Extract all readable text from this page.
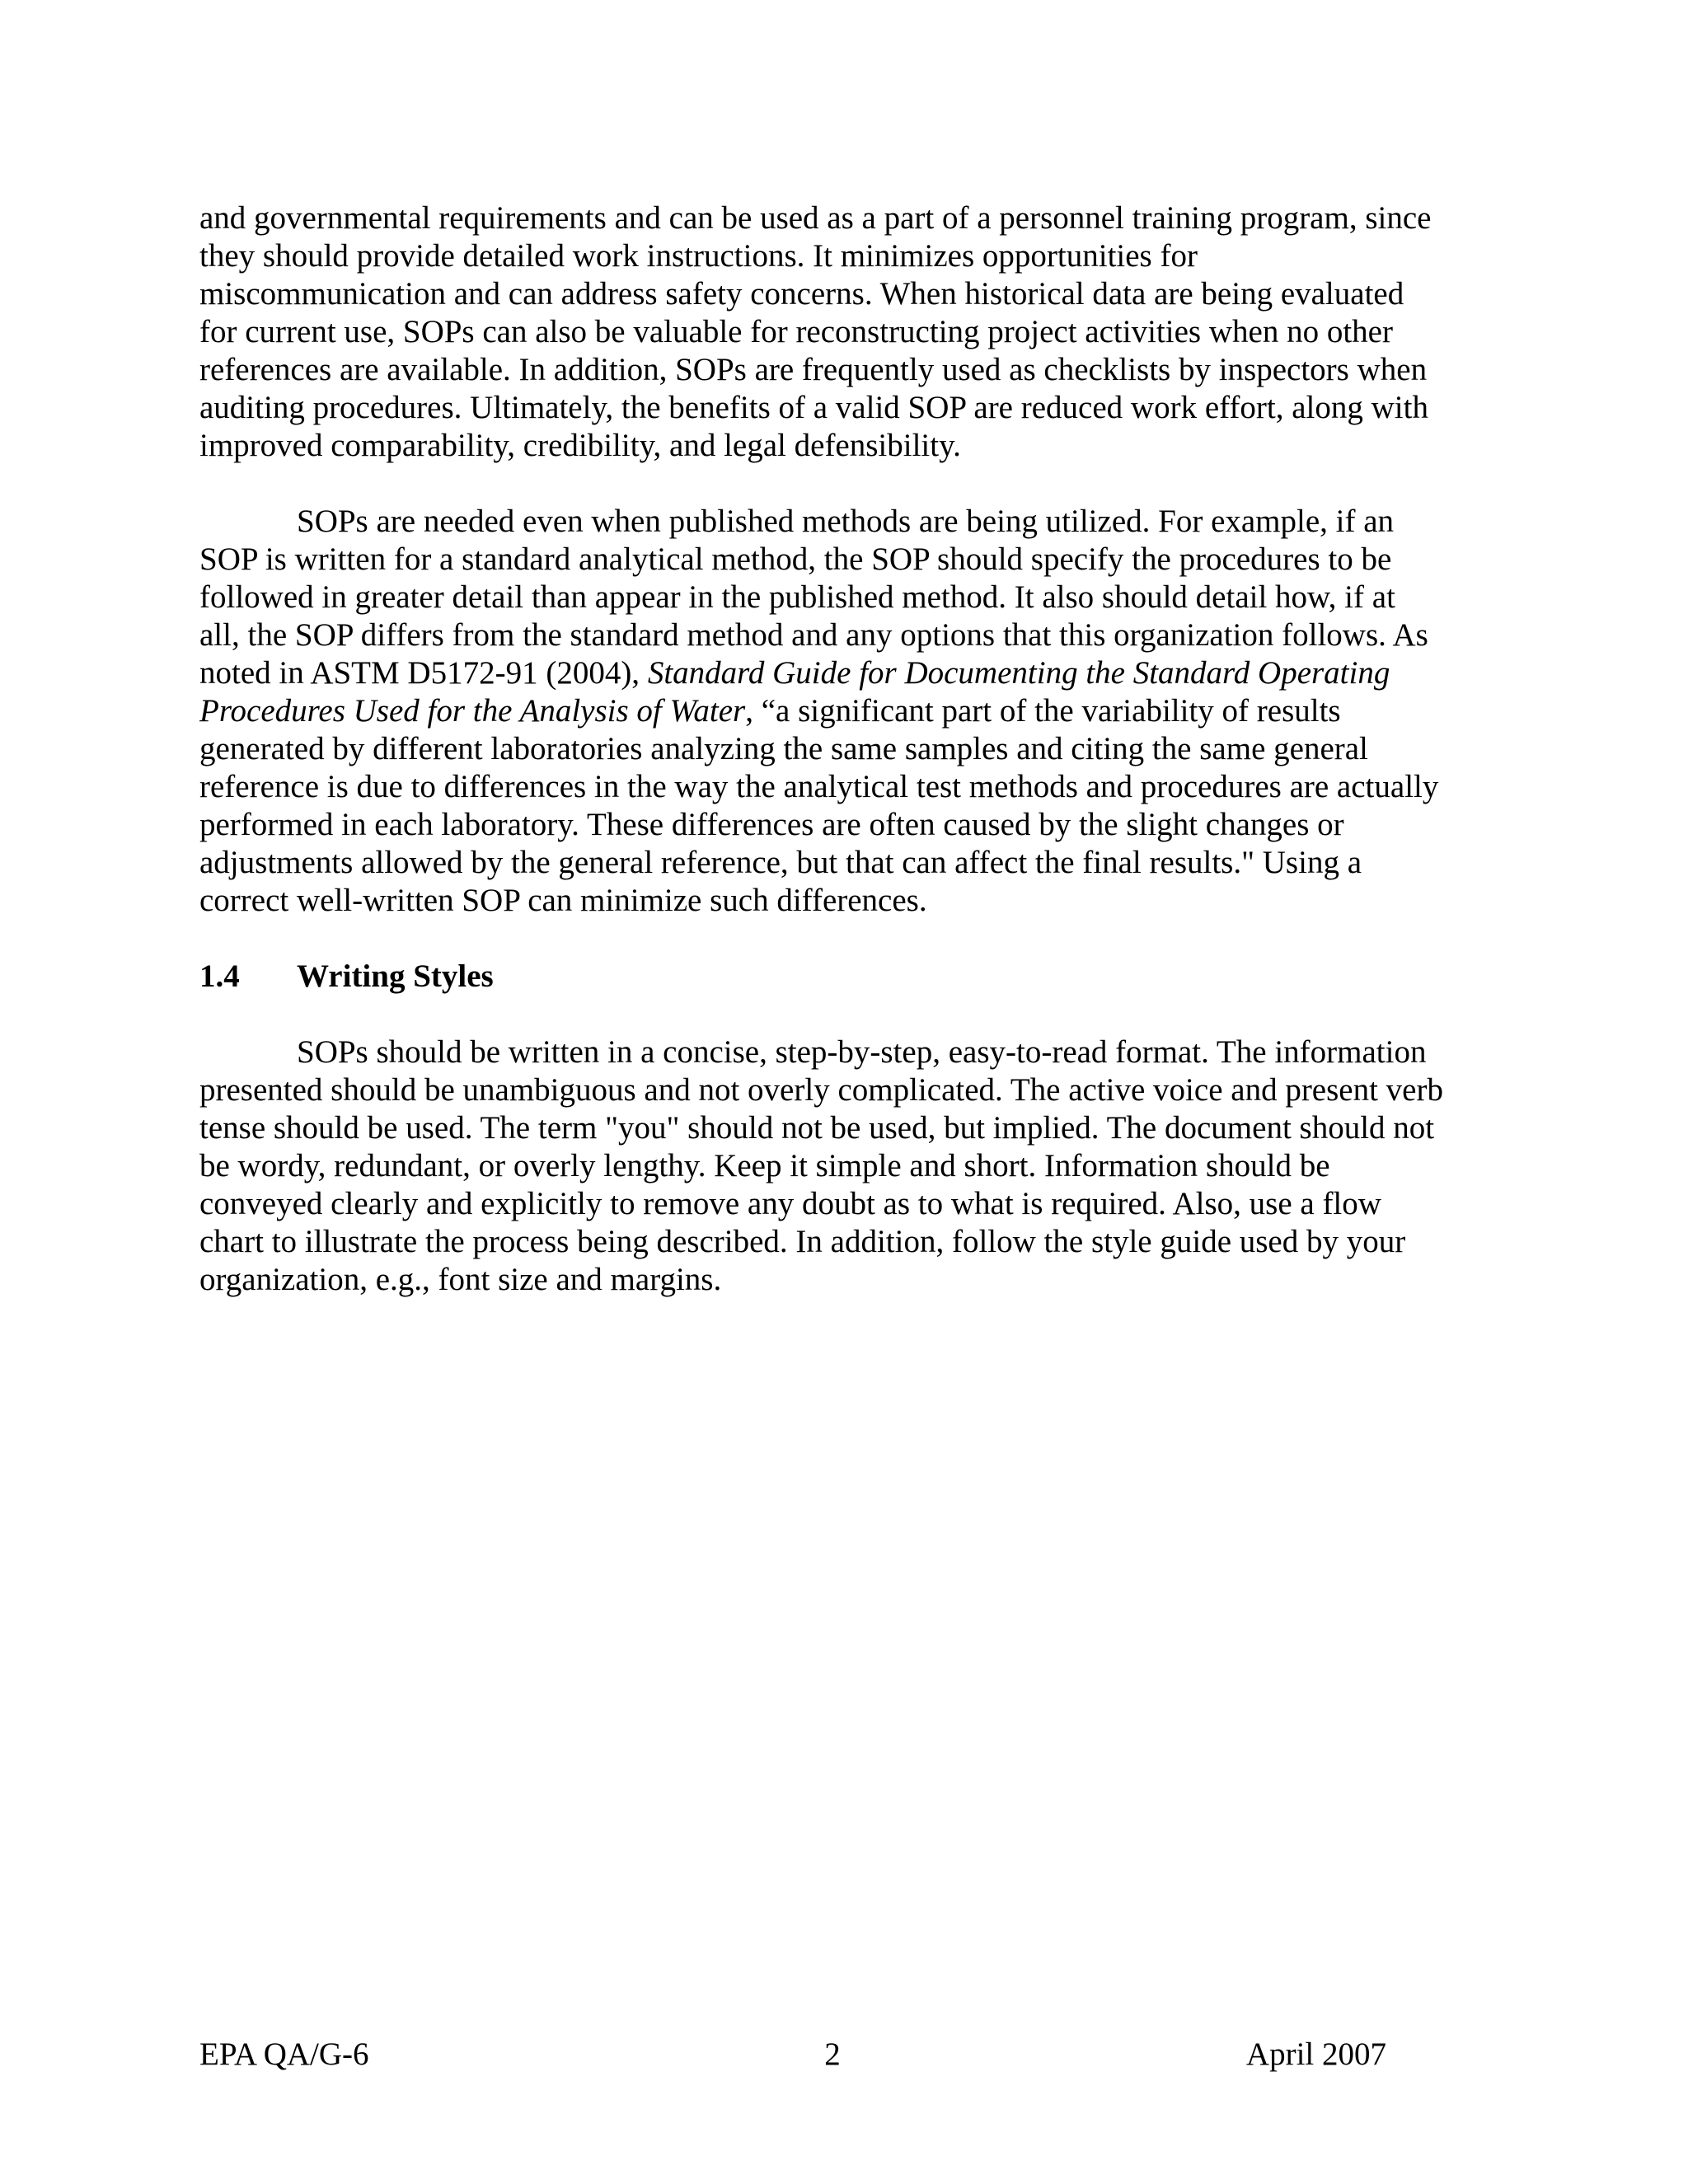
and governmental requirements and can be used as a part of a personnel training program, since
they should provide detailed work instructions. It minimizes opportunities for
miscommunication and can address safety concerns. When historical data are being evaluated
for current use, SOPs can also be valuable for reconstructing project activities when no other
references are available. In addition, SOPs are frequently used as checklists by inspectors when
auditing procedures. Ultimately, the benefits of a valid SOP are reduced work effort, along with
improved comparability, credibility, and legal defensibility.
SOPs are needed even when published methods are being utilized. For example, if an
SOP is written for a standard analytical method, the SOP should specify the procedures to be
followed in greater detail than appear in the published method. It also should detail how, if at
all, the SOP differs from the standard method and any options that this organization follows. As
noted in ASTM D5172-91 (2004), Standard Guide for Documenting the Standard Operating
Procedures Used for the Analysis of Water, “a significant part of the variability of results
generated by different laboratories analyzing the same samples and citing the same general
reference is due to differences in the way the analytical test methods and procedures are actually
performed in each laboratory. These differences are often caused by the slight changes or
adjustments allowed by the general reference, but that can affect the final results." Using a
correct well-written SOP can minimize such differences.
1.4 Writing Styles
SOPs should be written in a concise, step-by-step, easy-to-read format. The information
presented should be unambiguous and not overly complicated. The active voice and present verb
tense should be used. The term "you" should not be used, but implied. The document should not
be wordy, redundant, or overly lengthy. Keep it simple and short. Information should be
conveyed clearly and explicitly to remove any doubt as to what is required. Also, use a flow
chart to illustrate the process being described. In addition, follow the style guide used by your
organization, e.g., font size and margins.
EPA QA/G-6	2	April 2007
